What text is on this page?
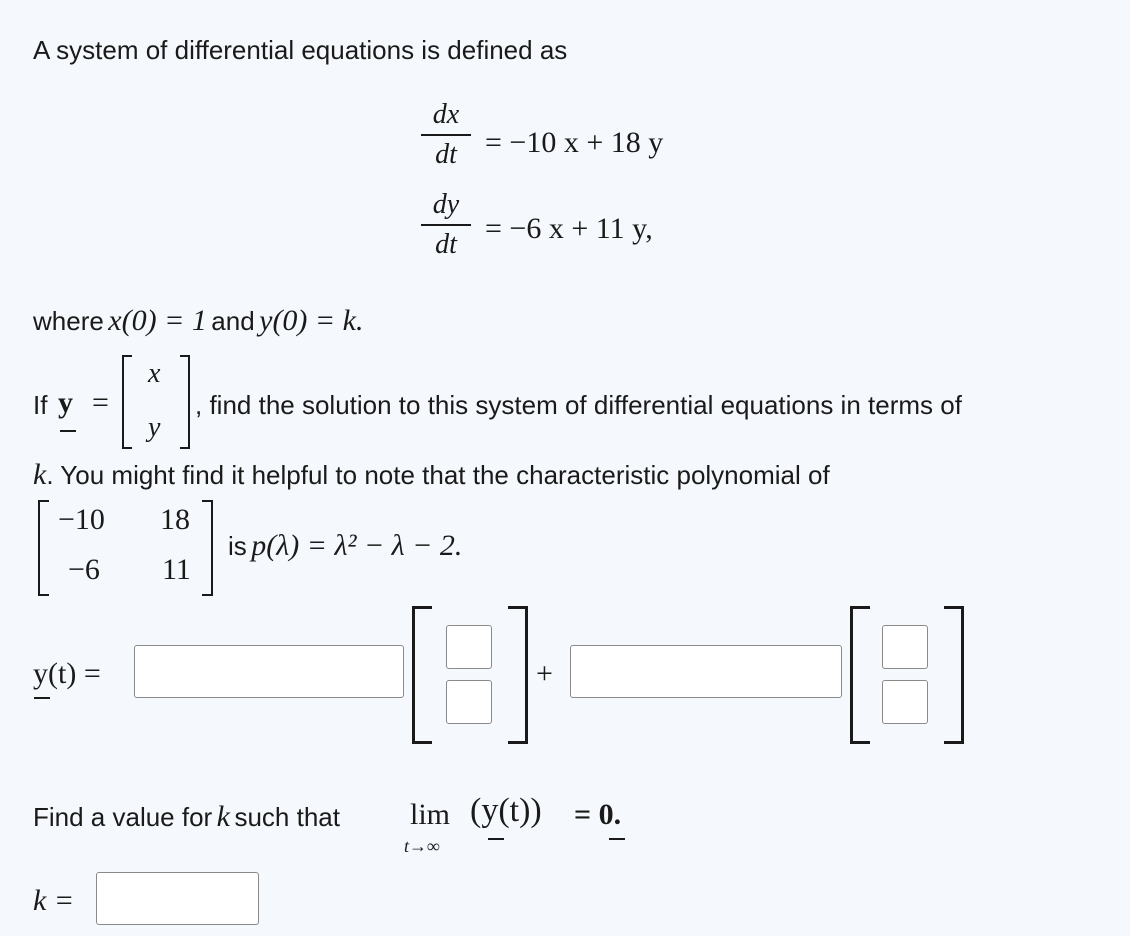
A system of differential equations is defined as
dx
dt = −10 x + 18 y
dy
dt = −6 x + 11 y,
where x(0) = 1 and y(0) = k.
If y =
x
y
, find the solution to this system of differential equations in terms of
k. You might find it helpful to note that the characteristic polynomial of
−10 18
−6 11
is p(λ) = λ² − λ − 2.
y(t) =	+
Find a value for k such that lim
t→∞
(y(t)) = 0.
k =
